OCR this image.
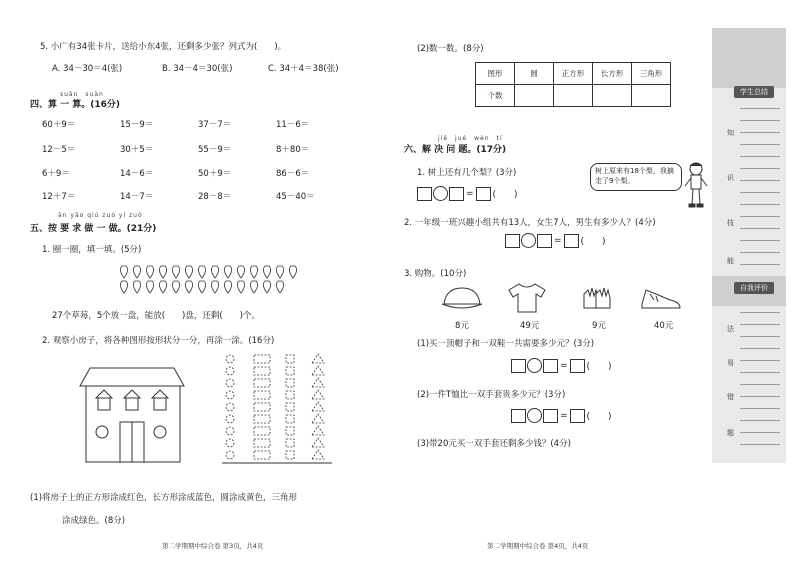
5. 小广有34张卡片，送给小东4张，还剩多少张？列式为(　　)。
A. 34－30＝4(张)	B. 34－4＝30(张)	C. 34＋4＝38(张)
suàn　suàn
四、算 一 算。(16分)
60＋9＝	15－9＝	37－7＝	11－6＝
12－5＝	30＋5＝	55－9＝	8＋80＝
6＋9＝	14－6＝	50＋9＝	86－6＝
12＋7＝	14－7＝	28－8＝	45－40＝
àn yāo qiú zuò yí zuò
五、按 要 求 做 一 做。(21分)
1. 圈一圈，填一填。(5分)
27个草莓，5个放一盘，能放(　　)盘，还剩(　　)个。
2. 观察小房子，将各种图形按形状分一分，再涂一涂。(16分)
(1)将房子上的正方形涂成红色，长方形涂成蓝色，圆涂成黄色，三角形
涂成绿色。(8分)
第二学期期中综合卷 第3页，共4页
(2)数一数。(8分)
图形	圆	正方形	长方形	三角形
个数				
jiě　jué　wèn　tí
六、解 决 问 题。(17分)
树上原来有18个梨，我摘走了9个梨。
1. 树上还有几个梨？(3分)
= (　　)
2. 一年级一班兴趣小组共有13人，女生7人，男生有多少人？(4分)
= (　　)
3. 购物。(10分)
8元	49元	9元	40元
(1)买一顶帽子和一双鞋一共需要多少元？(3分)
= (　　)
(2)一件T恤比一双手套贵多少元？(3分)
= (　　)
(3)带20元买一双手套还剩多少钱？(4分)
第二学期期中综合卷 第4页，共4页
学生总结
自我评价
知
识
技
能
法
易
错
题
